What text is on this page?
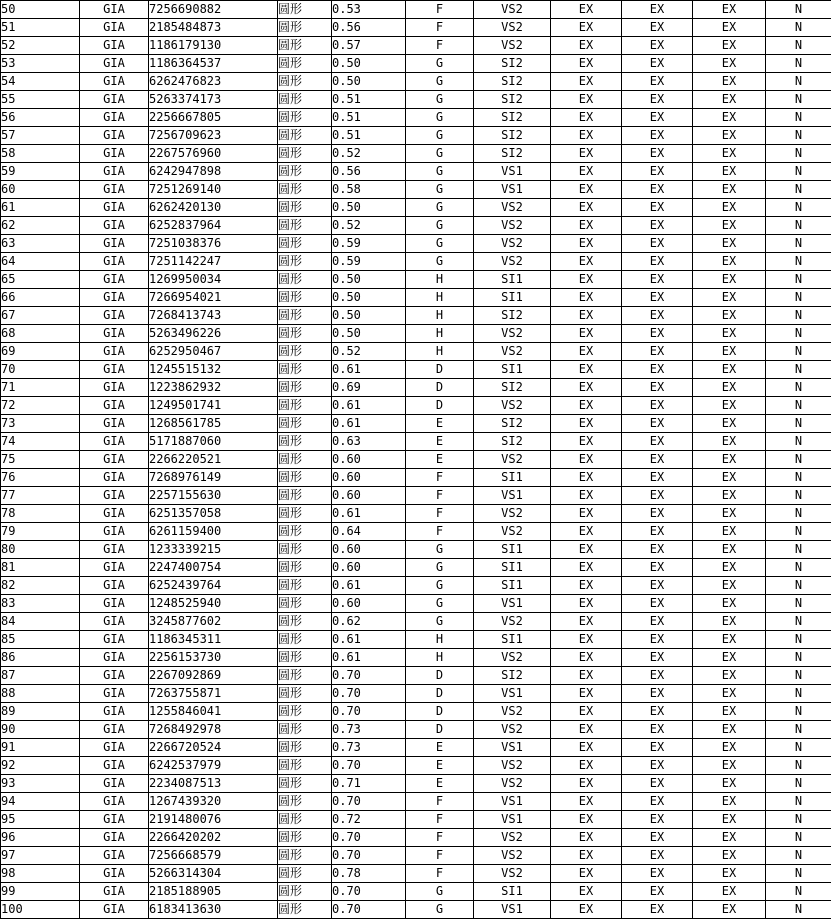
50	GIA	7256690882	圆形	0.53	F	VS2	EX	EX	EX	N
51	GIA	2185484873	圆形	0.56	F	VS2	EX	EX	EX	N
52	GIA	1186179130	圆形	0.57	F	VS2	EX	EX	EX	N
53	GIA	1186364537	圆形	0.50	G	SI2	EX	EX	EX	N
54	GIA	6262476823	圆形	0.50	G	SI2	EX	EX	EX	N
55	GIA	5263374173	圆形	0.51	G	SI2	EX	EX	EX	N
56	GIA	2256667805	圆形	0.51	G	SI2	EX	EX	EX	N
57	GIA	7256709623	圆形	0.51	G	SI2	EX	EX	EX	N
58	GIA	2267576960	圆形	0.52	G	SI2	EX	EX	EX	N
59	GIA	6242947898	圆形	0.56	G	VS1	EX	EX	EX	N
60	GIA	7251269140	圆形	0.58	G	VS1	EX	EX	EX	N
61	GIA	6262420130	圆形	0.50	G	VS2	EX	EX	EX	N
62	GIA	6252837964	圆形	0.52	G	VS2	EX	EX	EX	N
63	GIA	7251038376	圆形	0.59	G	VS2	EX	EX	EX	N
64	GIA	7251142247	圆形	0.59	G	VS2	EX	EX	EX	N
65	GIA	1269950034	圆形	0.50	H	SI1	EX	EX	EX	N
66	GIA	7266954021	圆形	0.50	H	SI1	EX	EX	EX	N
67	GIA	7268413743	圆形	0.50	H	SI2	EX	EX	EX	N
68	GIA	5263496226	圆形	0.50	H	VS2	EX	EX	EX	N
69	GIA	6252950467	圆形	0.52	H	VS2	EX	EX	EX	N
70	GIA	1245515132	圆形	0.61	D	SI1	EX	EX	EX	N
71	GIA	1223862932	圆形	0.69	D	SI2	EX	EX	EX	N
72	GIA	1249501741	圆形	0.61	D	VS2	EX	EX	EX	N
73	GIA	1268561785	圆形	0.61	E	SI2	EX	EX	EX	N
74	GIA	5171887060	圆形	0.63	E	SI2	EX	EX	EX	N
75	GIA	2266220521	圆形	0.60	E	VS2	EX	EX	EX	N
76	GIA	7268976149	圆形	0.60	F	SI1	EX	EX	EX	N
77	GIA	2257155630	圆形	0.60	F	VS1	EX	EX	EX	N
78	GIA	6251357058	圆形	0.61	F	VS2	EX	EX	EX	N
79	GIA	6261159400	圆形	0.64	F	VS2	EX	EX	EX	N
80	GIA	1233339215	圆形	0.60	G	SI1	EX	EX	EX	N
81	GIA	2247400754	圆形	0.60	G	SI1	EX	EX	EX	N
82	GIA	6252439764	圆形	0.61	G	SI1	EX	EX	EX	N
83	GIA	1248525940	圆形	0.60	G	VS1	EX	EX	EX	N
84	GIA	3245877602	圆形	0.62	G	VS2	EX	EX	EX	N
85	GIA	1186345311	圆形	0.61	H	SI1	EX	EX	EX	N
86	GIA	2256153730	圆形	0.61	H	VS2	EX	EX	EX	N
87	GIA	2267092869	圆形	0.70	D	SI2	EX	EX	EX	N
88	GIA	7263755871	圆形	0.70	D	VS1	EX	EX	EX	N
89	GIA	1255846041	圆形	0.70	D	VS2	EX	EX	EX	N
90	GIA	7268492978	圆形	0.73	D	VS2	EX	EX	EX	N
91	GIA	2266720524	圆形	0.73	E	VS1	EX	EX	EX	N
92	GIA	6242537979	圆形	0.70	E	VS2	EX	EX	EX	N
93	GIA	2234087513	圆形	0.71	E	VS2	EX	EX	EX	N
94	GIA	1267439320	圆形	0.70	F	VS1	EX	EX	EX	N
95	GIA	2191480076	圆形	0.72	F	VS1	EX	EX	EX	N
96	GIA	2266420202	圆形	0.70	F	VS2	EX	EX	EX	N
97	GIA	7256668579	圆形	0.70	F	VS2	EX	EX	EX	N
98	GIA	5266314304	圆形	0.78	F	VS2	EX	EX	EX	N
99	GIA	2185188905	圆形	0.70	G	SI1	EX	EX	EX	N
100	GIA	6183413630	圆形	0.70	G	VS1	EX	EX	EX	N
